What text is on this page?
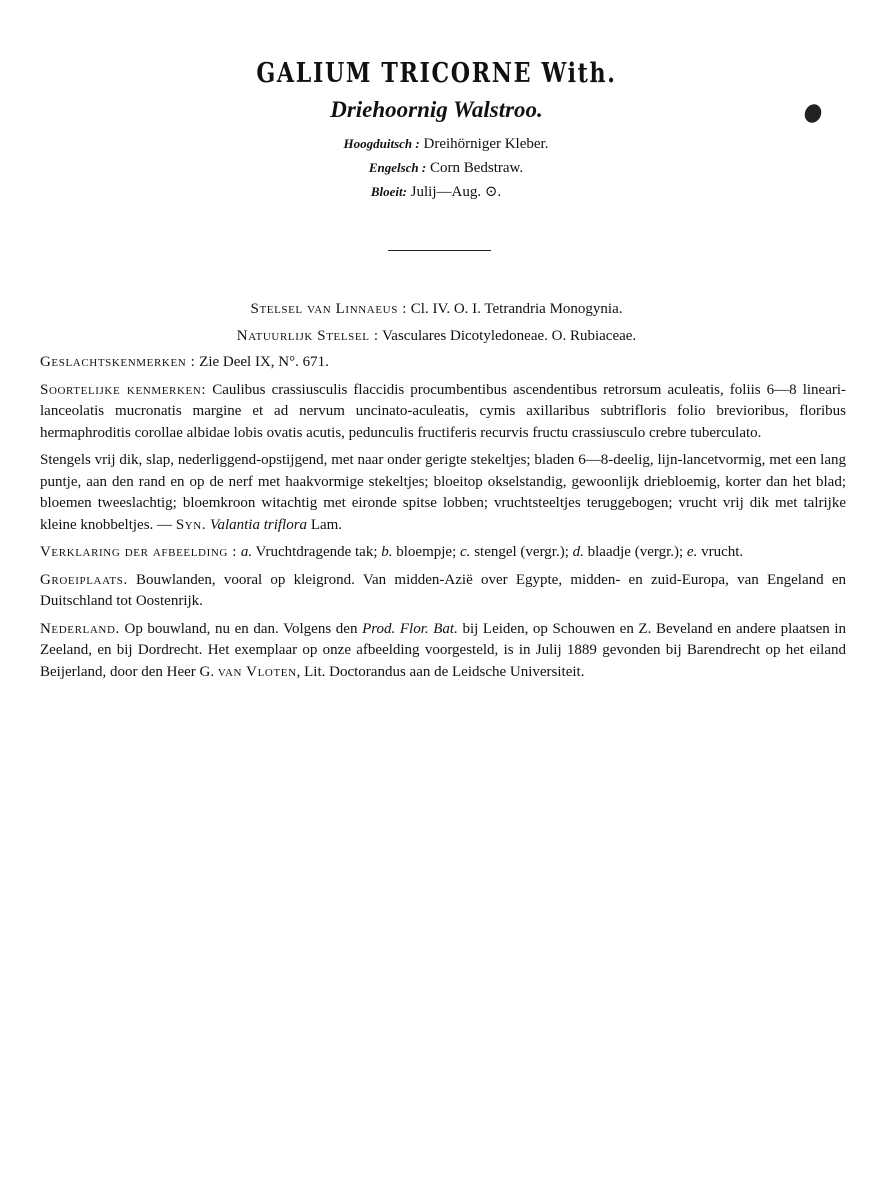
GALIUM TRICORNE With.
Driehoornig Walstroo.
Hoogduitsch : Dreihörniger Kleber.
Engelsch : Corn Bedstraw.
Bloeit: Julij—Aug. ⊙.
Stelsel van Linnaeus : Cl. IV. O. I. Tetrandria Monogynia.
Natuurlijk Stelsel : Vasculares Dicotyledoneae. O. Rubiaceae.

Geslachtskenmerken : Zie Deel IX, N°. 671.

Soortelijke kenmerken: Caulibus crassiusculis flaccidis procumbentibus ascendentibus retrorsum aculeatis, foliis 6—8 lineari-lanceolatis mucronatis margine et ad nervum uncinato-aculeatis, cymis axillaribus subtrifloris folio brevioribus, floribus hermaphroditis corollae albidae lobis ovatis acutis, pedunculis fructiferis recurvis fructu crassiusculo crebre tuberculato.

Stengels vrij dik, slap, nederliggend-opstijgend, met naar onder gerigte stekeltjes; bladen 6—8-deelig, lijn-lancetvormig, met een lang puntje, aan den rand en op de nerf met haakvormige stekeltjes; bloeitop okselstandig, gewoonlijk driebloemig, korter dan het blad; bloemen tweeslachtig; bloemkroon witachtig met eironde spitse lobben; vruchtsteeltjes teruggebogen; vrucht vrij dik met talrijke kleine knobbeltjes. — Syn. Valantia triflora Lam.

Verklaring der afbeelding : a. Vruchtdragende tak; b. bloempje; c. stengel (vergr.); d. blaadje (vergr.); e. vrucht.

Groeiplaats. Bouwlanden, vooral op kleigrond. Van midden-Azië over Egypte, midden- en zuid-Europa, van Engeland en Duitschland tot Oostenrijk.

Nederland. Op bouwland, nu en dan. Volgens den Prod. Flor. Bat. bij Leiden, op Schouwen en Z. Beveland en andere plaatsen in Zeeland, en bij Dordrecht. Het exemplaar op onze afbeelding voorgesteld, is in Julij 1889 gevonden bij Barendrecht op het eiland Beijerland, door den Heer G. van Vloten, Lit. Doctorandus aan de Leidsche Universiteit.
